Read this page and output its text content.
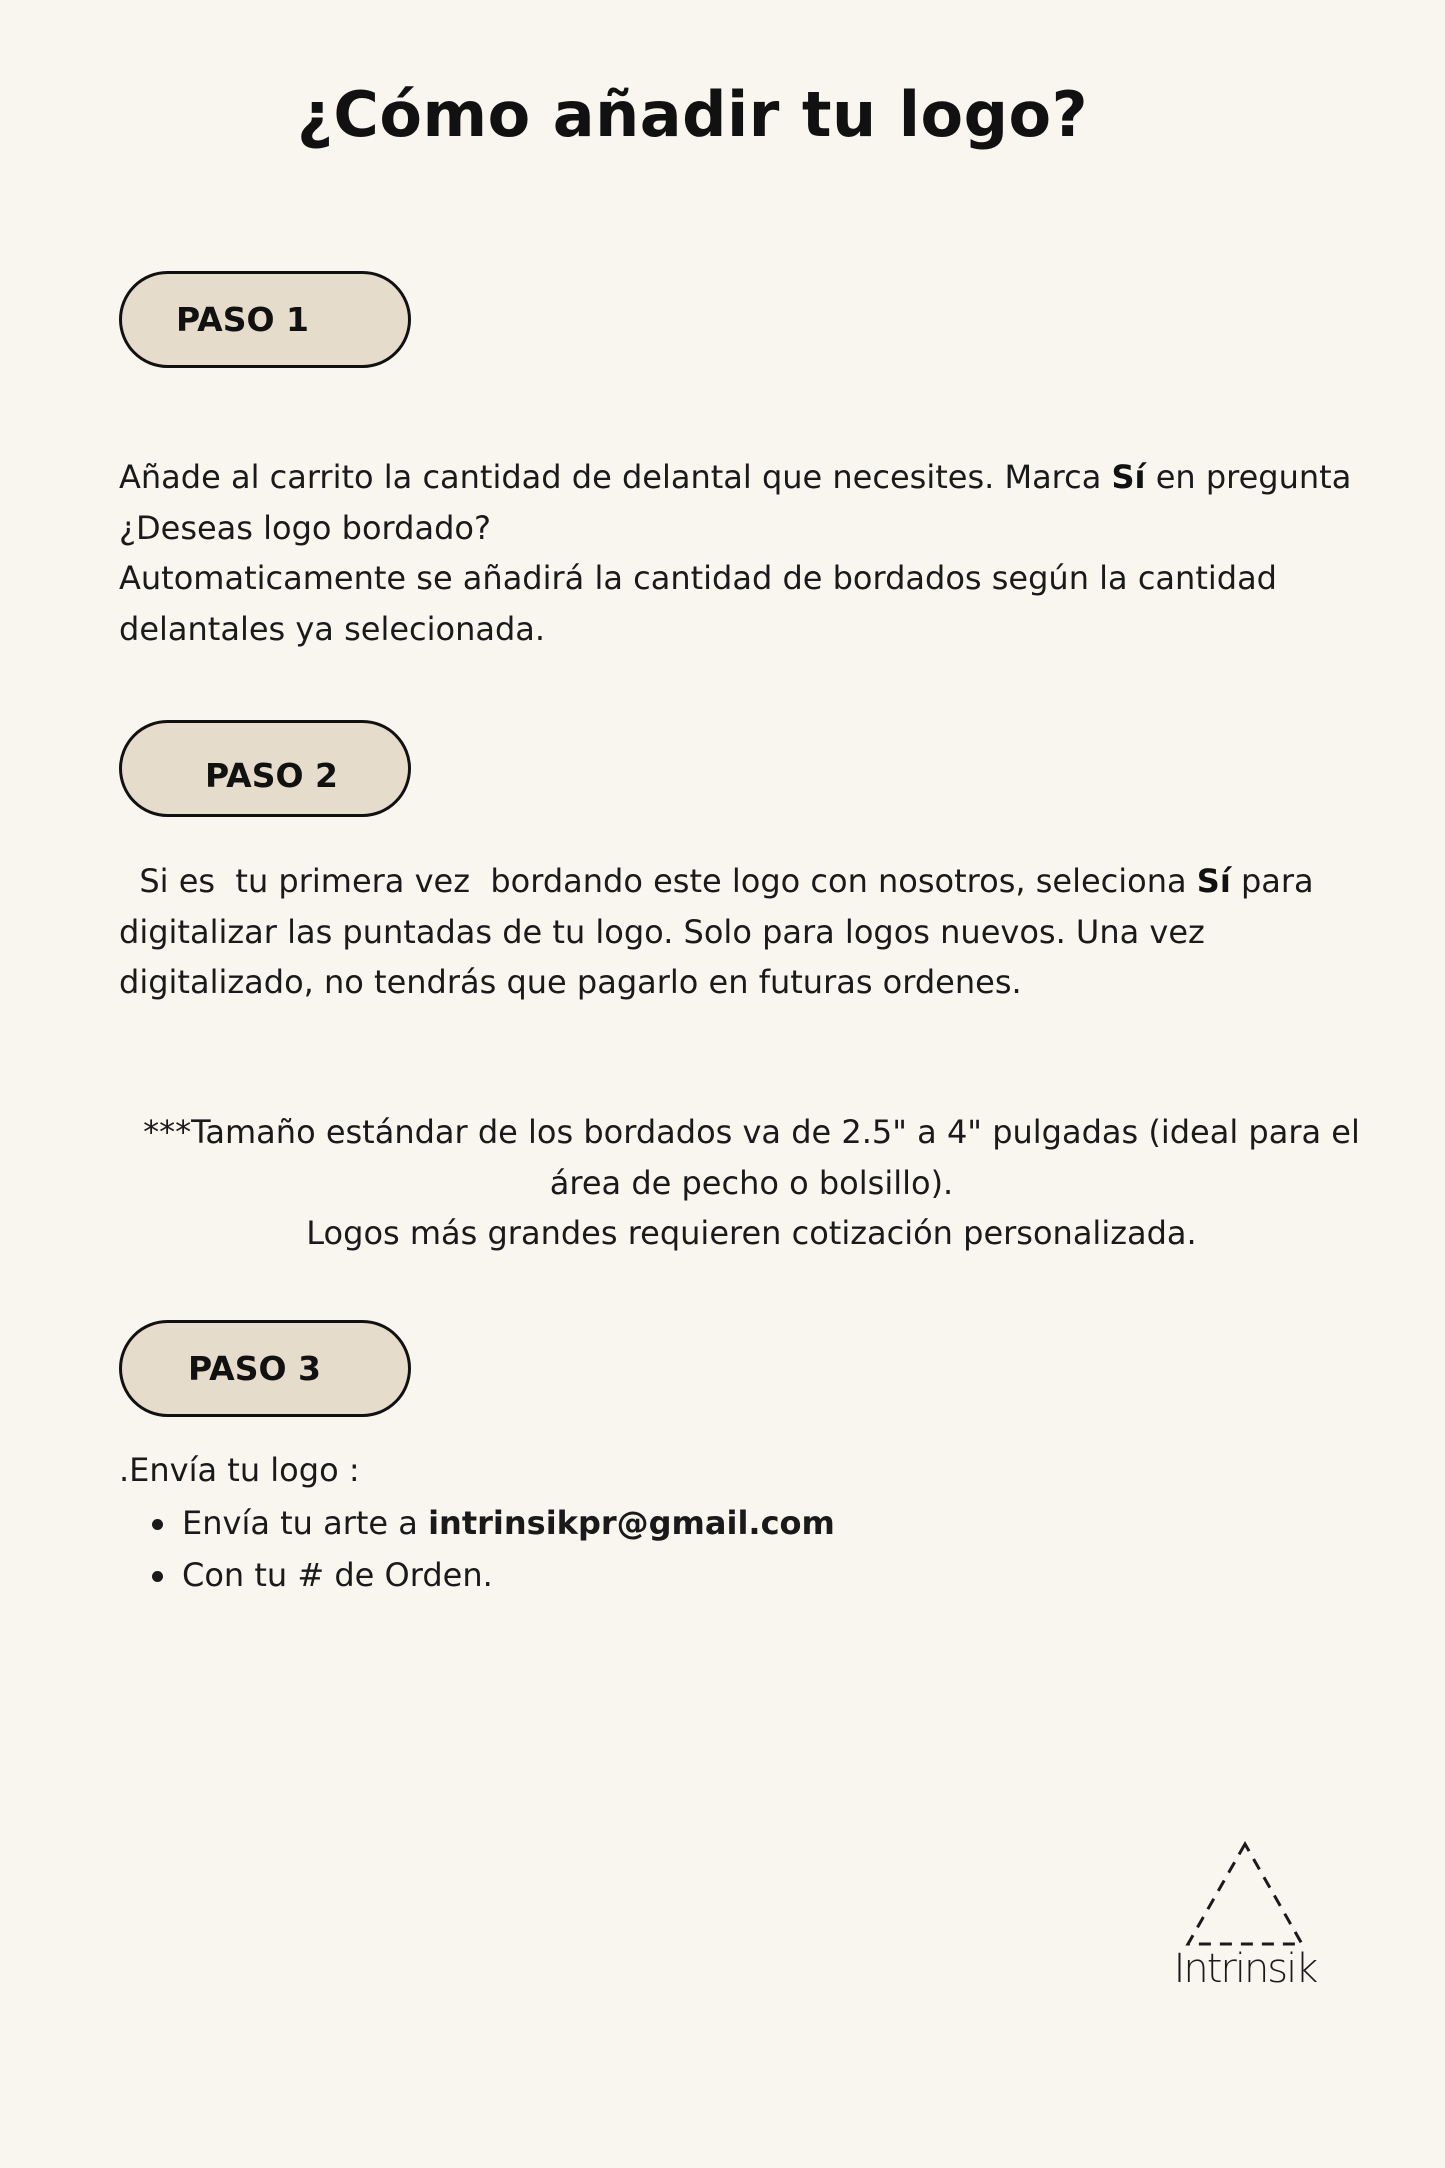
¿Cómo añadir tu logo?
PASO 1

Añade al carrito la cantidad de delantal que necesites. Marca Sí en pregunta ¿Deseas logo bordado?
Automaticamente se añadirá la cantidad de bordados según la cantidad delantales ya selecionada.

PASO 2

Si es  tu primera vez  bordando este logo con nosotros, seleciona Sí para digitalizar las puntadas de tu logo. Solo para logos nuevos. Una vez digitalizado, no tendrás que pagarlo en futuras ordenes.

***Tamaño estándar de los bordados va de 2.5" a 4" pulgadas (ideal para el área de pecho o bolsillo).
Logos más grandes requieren cotización personalizada.

PASO 3

.Envía tu logo :

Envía tu arte a intrinsikpr@gmail.com
Con tu # de Orden.
Intrinsik
